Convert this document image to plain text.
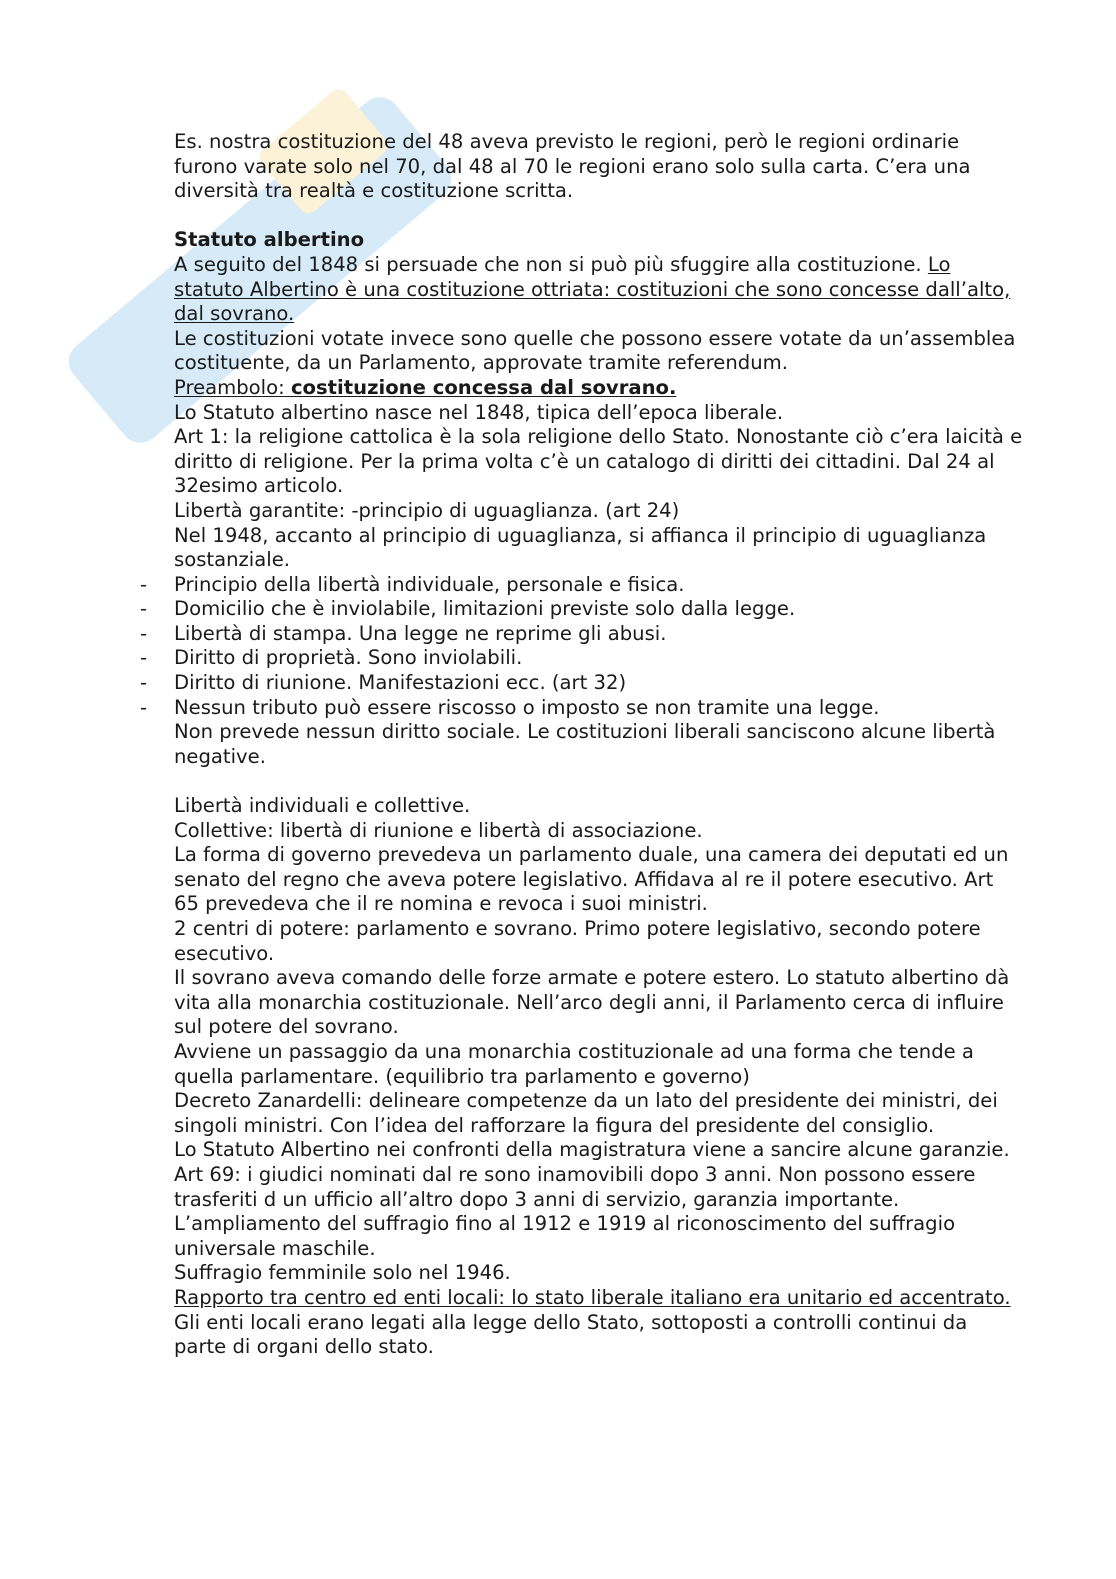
Es. nostra costituzione del 48 aveva previsto le regioni, però le regioni ordinarie furono varate solo nel 70, dal 48 al 70 le regioni erano solo sulla carta. C’era una diversità tra realtà e costituzione scritta.

Statuto albertino

A seguito del 1848 si persuade che non si può più sfuggire alla costituzione. Lo statuto Albertino è una costituzione ottriata: costituzioni che sono concesse dall’alto, dal sovrano.

Le costituzioni votate invece sono quelle che possono essere votate da un’assemblea costituente, da un Parlamento, approvate tramite referendum.

Preambolo: costituzione concessa dal sovrano.

Lo Statuto albertino nasce nel 1848, tipica dell’epoca liberale.

Art 1: la religione cattolica è la sola religione dello Stato. Nonostante ciò c’era laicità e diritto di religione. Per la prima volta c’è un catalogo di diritti dei cittadini. Dal 24 al 32esimo articolo.

Libertà garantite: -principio di uguaglianza. (art 24)

Nel 1948, accanto al principio di uguaglianza, si affianca il principio di uguaglianza sostanziale.

- Principio della libertà individuale, personale e fisica.

- Domicilio che è inviolabile, limitazioni previste solo dalla legge.

- Libertà di stampa. Una legge ne reprime gli abusi.

- Diritto di proprietà. Sono inviolabili.

- Diritto di riunione. Manifestazioni ecc. (art 32)

- Nessun tributo può essere riscosso o imposto se non tramite una legge.

Non prevede nessun diritto sociale. Le costituzioni liberali sanciscono alcune libertà negative.

Libertà individuali e collettive.

Collettive: libertà di riunione e libertà di associazione.

La forma di governo prevedeva un parlamento duale, una camera dei deputati ed un senato del regno che aveva potere legislativo. Affidava al re il potere esecutivo. Art 65 prevedeva che il re nomina e revoca i suoi ministri.

2 centri di potere: parlamento e sovrano. Primo potere legislativo, secondo potere esecutivo.

Il sovrano aveva comando delle forze armate e potere estero. Lo statuto albertino dà vita alla monarchia costituzionale. Nell’arco degli anni, il Parlamento cerca di influire sul potere del sovrano.

Avviene un passaggio da una monarchia costituzionale ad una forma che tende a quella parlamentare. (equilibrio tra parlamento e governo)

Decreto Zanardelli: delineare competenze da un lato del presidente dei ministri, dei singoli ministri. Con l’idea del rafforzare la figura del presidente del consiglio.

Lo Statuto Albertino nei confronti della magistratura viene a sancire alcune garanzie. Art 69: i giudici nominati dal re sono inamovibili dopo 3 anni. Non possono essere trasferiti d un ufficio all’altro dopo 3 anni di servizio, garanzia importante.

L’ampliamento del suffragio fino al 1912 e 1919 al riconoscimento del suffragio universale maschile.

Suffragio femminile solo nel 1946.

Rapporto tra centro ed enti locali: lo stato liberale italiano era unitario ed accentrato. Gli enti locali erano legati alla legge dello Stato, sottoposti a controlli continui da parte di organi dello stato.
